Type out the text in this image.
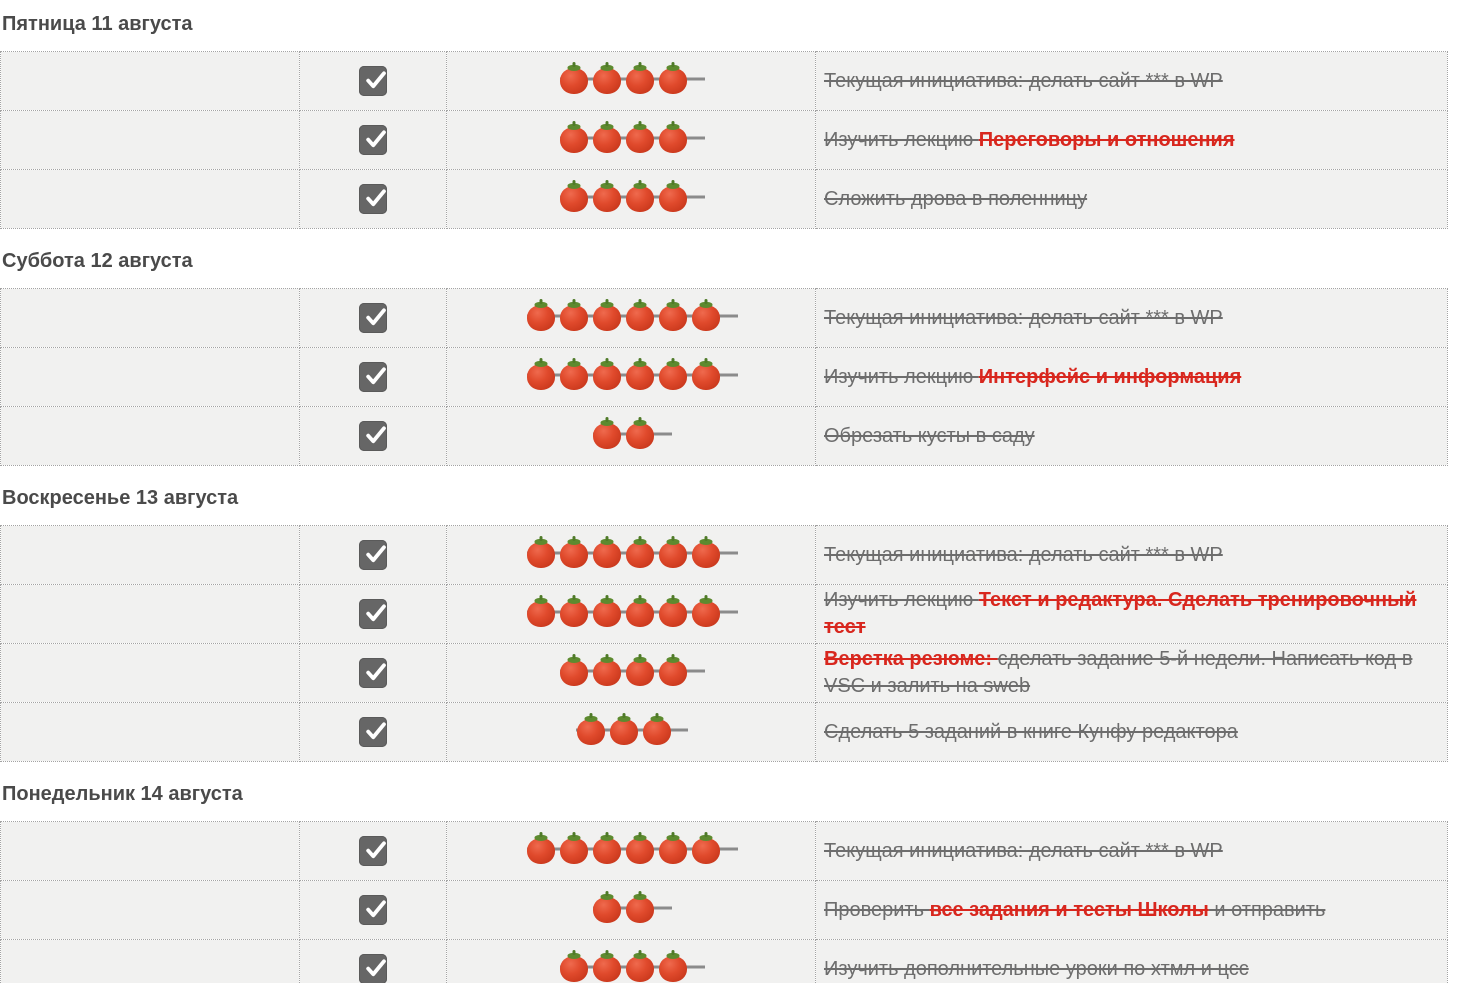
Пятница 11 августа

	Текущая инициатива: делать сайт *** в WP

	Изучить лекцию Переговоры и отношения

	Сложить дрова в поленницу
Суббота 12 августа

	Текущая инициатива: делать сайт *** в WP

	Изучить лекцию Интерфейс и информация

	Обрезать кусты в саду
Воскресенье 13 августа

	Текущая инициатива: делать сайт *** в WP

	Изучить лекцию Текст и редактура. Сделать тренировочный тест

	Верстка резюме: сделать задание 5-й недели. Написать код в VSC и залить на sweb

	Сделать 5 заданий в книге Кунфу редактора
Понедельник 14 августа

	Текущая инициатива: делать сайт *** в WP

	Проверить все задания и тесты Школы и отправить

	Изучить дополнительные уроки по хтмл и цсс
